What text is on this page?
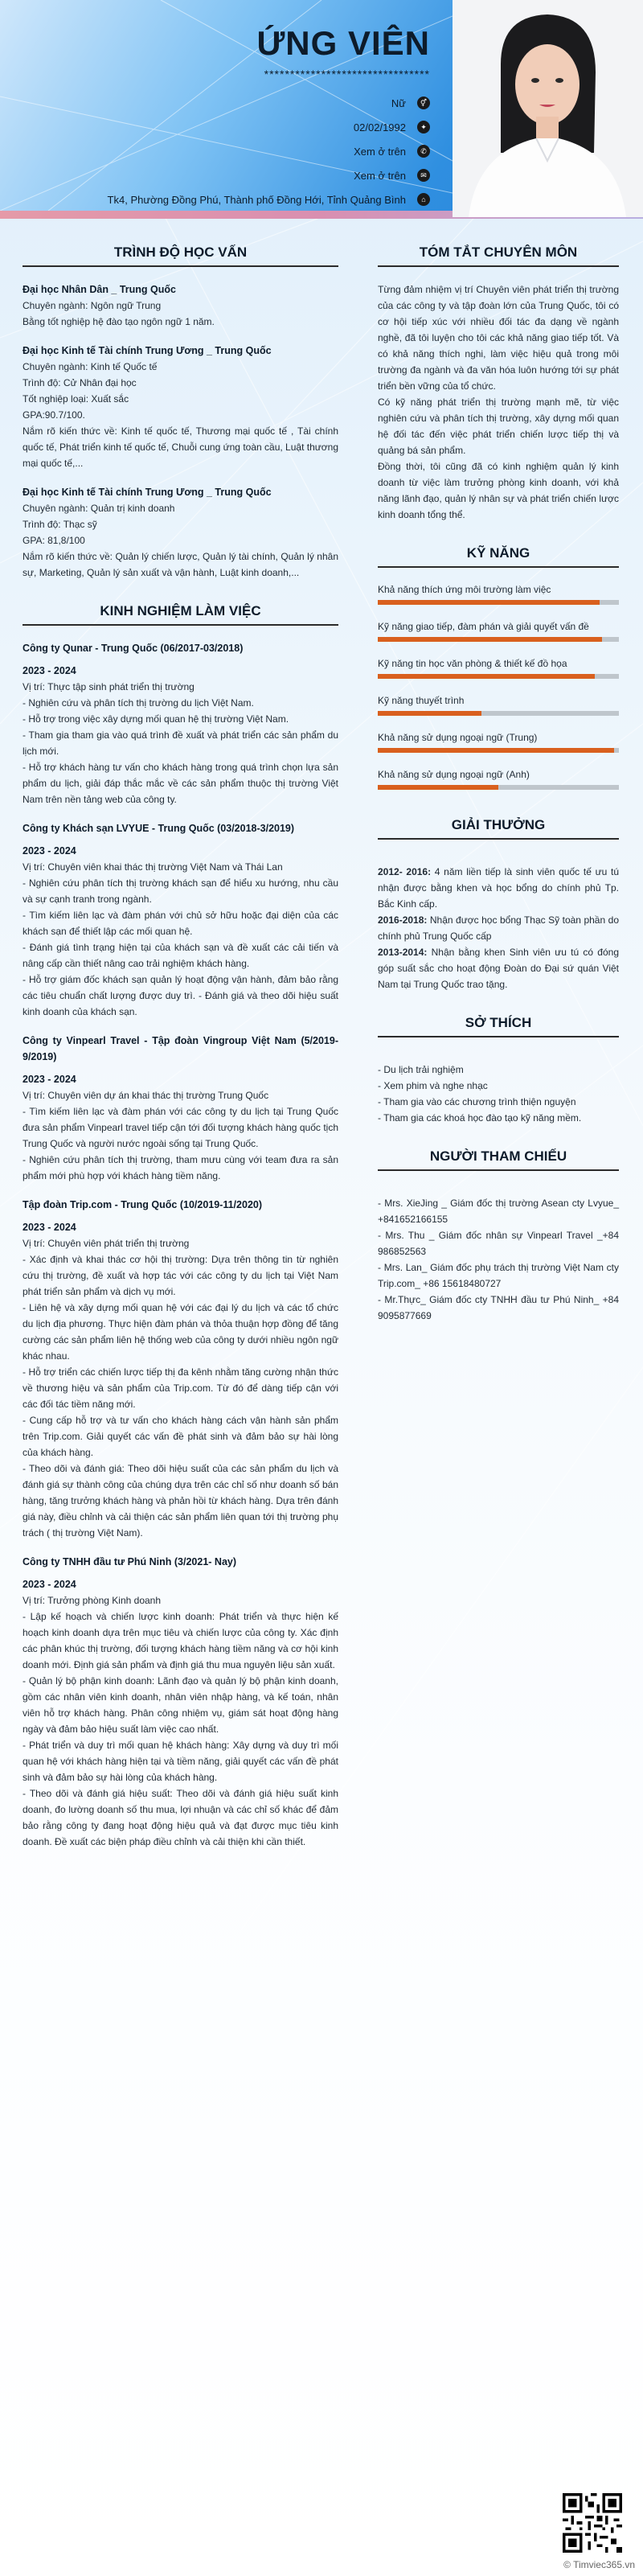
ỨNG VIÊN
********************************
Nữ	⚥
02/02/1992	✦
Xem ở trên	✆
Xem ở trên	✉
Tk4, Phường Đồng Phú, Thành phố Đồng Hới, Tỉnh Quảng Bình	⌂
TRÌNH ĐỘ HỌC VẤN
Đại học Nhân Dân _ Trung Quốc
Chuyên ngành: Ngôn ngữ Trung
Bằng tốt nghiệp hệ đào tạo ngôn ngữ 1 năm.
Đại học Kinh tế Tài chính Trung Ương _ Trung Quốc
Chuyên ngành: Kinh tế Quốc tế
Trình độ: Cử Nhân đại học
Tốt nghiệp loại: Xuất sắc
GPA:90.7/100.
Nắm rõ kiến thức về: Kinh tế quốc tế, Thương mại quốc tế , Tài chính quốc tế, Phát triển kinh tế quốc tế, Chuỗi cung ứng toàn cầu, Luật thương mại quốc tế,...
Đại học Kinh tế Tài chính Trung Ương _ Trung Quốc
Chuyên ngành: Quản trị kinh doanh
Trình độ: Thạc sỹ
GPA: 81,8/100
Nắm rõ kiến thức về: Quản lý chiến lược, Quản lý tài chính, Quản lý nhân sự, Marketing, Quản lý sản xuất và vận hành, Luật kinh doanh,...
KINH NGHIỆM LÀM VIỆC
Công ty Qunar - Trung Quốc (06/2017-03/2018)
2023 - 2024
Vị trí: Thực tập sinh phát triển thị trường
- Nghiên cứu và phân tích thị trường du lịch Việt Nam.
- Hỗ trợ trong việc xây dựng mối quan hệ thị trường Việt Nam.
- Tham gia tham gia vào quá trình đề xuất và phát triển các sản phẩm du lịch mới.
- Hỗ trợ khách hàng tư vấn cho khách hàng trong quá trình chọn lựa sản phẩm du lịch, giải đáp thắc mắc về các sản phẩm thuộc thị trường Việt Nam trên nền tảng web của công ty.
Công ty Khách sạn LVYUE - Trung Quốc (03/2018-3/2019)
2023 - 2024
Vị trí: Chuyên viên khai thác thị trường Việt Nam và Thái Lan
- Nghiên cứu phân tích thị trường khách sạn để hiểu xu hướng, nhu cầu và sự cạnh tranh trong ngành.
- Tìm kiếm liên lạc và đàm phán với chủ sở hữu hoặc đại diện của các khách sạn để thiết lập các mối quan hệ.
- Đánh giá tình trạng hiện tại của khách sạn và đề xuất các cải tiến và nâng cấp cần thiết nâng cao trải nghiệm khách hàng.
- Hỗ trợ giám đốc khách sạn quản lý hoạt động vận hành, đảm bảo rằng các tiêu chuẩn chất lượng được duy trì. - Đánh giá và theo dõi hiệu suất kinh doanh của khách sạn.
Công ty Vinpearl Travel - Tập đoàn Vingroup Việt Nam (5/2019-9/2019)
2023 - 2024
Vị trí: Chuyên viên dự án khai thác thị trường Trung Quốc
- Tìm kiếm liên lạc và đàm phán với các công ty du lịch tại Trung Quốc đưa sản phẩm Vinpearl travel tiếp cận tới đối tượng khách hàng quốc tịch Trung Quốc và người nước ngoài sống tại Trung Quốc.
- Nghiên cứu phân tích thị trường, tham mưu cùng với team đưa ra sản phẩm mới phù hợp với khách hàng tiềm năng.
Tập đoàn Trip.com - Trung Quốc (10/2019-11/2020)
2023 - 2024
Vị trí: Chuyên viên phát triển thị trường
- Xác định và khai thác cơ hội thị trường: Dựa trên thông tin từ nghiên cứu thị trường, đề xuất và hợp tác với các công ty du lịch tại Việt Nam phát triển sản phẩm và dịch vụ mới.
- Liên hệ và xây dựng mối quan hệ với các đại lý du lịch và các tổ chức du lịch địa phương. Thực hiện đàm phán và thỏa thuận hợp đồng để tăng cường các sản phẩm liên hệ thống web của công ty dưới nhiều ngôn ngữ khác nhau.
- Hỗ trợ triển các chiến lược tiếp thị đa kênh nhằm tăng cường nhận thức về thương hiệu và sản phẩm của Trip.com. Từ đó để dàng tiếp cận với các đối tác tiềm năng mới.
- Cung cấp hỗ trợ và tư vấn cho khách hàng cách vận hành sản phẩm trên Trip.com. Giải quyết các vấn đề phát sinh và đảm bảo sự hài lòng của khách hàng.
- Theo dõi và đánh giá: Theo dõi hiệu suất của các sản phẩm du lịch và đánh giá sự thành công của chúng dựa trên các chỉ số như doanh số bán hàng, tăng trưởng khách hàng và phản hồi từ khách hàng. Dựa trên đánh giá này, điều chỉnh và cải thiện các sản phẩm liên quan tới thị trường phụ trách ( thị trường Việt Nam).
Công ty TNHH đầu tư Phú Ninh (3/2021- Nay)
2023 - 2024
Vị trí: Trưởng phòng Kinh doanh
- Lập kế hoạch và chiến lược kinh doanh: Phát triển và thực hiện kế hoạch kinh doanh dựa trên mục tiêu và chiến lược của công ty. Xác định các phân khúc thị trường, đối tượng khách hàng tiềm năng và cơ hội kinh doanh mới. Định giá sản phẩm và định giá thu mua nguyên liệu sản xuất.
- Quản lý bộ phận kinh doanh: Lãnh đạo và quản lý bộ phận kinh doanh, gồm các nhân viên kinh doanh, nhân viên nhập hàng, và kế toán, nhân viên hỗ trợ khách hàng. Phân công nhiệm vụ, giám sát hoạt động hàng ngày và đảm bảo hiệu suất làm việc cao nhất.
- Phát triển và duy trì mối quan hệ khách hàng: Xây dựng và duy trì mối quan hệ với khách hàng hiện tại và tiềm năng, giải quyết các vấn đề phát sinh và đảm bảo sự hài lòng của khách hàng.
- Theo dõi và đánh giá hiệu suất: Theo dõi và đánh giá hiệu suất kinh doanh, đo lường doanh số thu mua, lợi nhuận và các chỉ số khác để đảm bảo rằng công ty đang hoạt động hiệu quả và đạt được mục tiêu kinh doanh. Đề xuất các biện pháp điều chỉnh và cải thiện khi cần thiết.
TÓM TẮT CHUYÊN MÔN
Từng đảm nhiệm vị trí Chuyên viên phát triển thị trường của các công ty và tập đoàn lớn của Trung Quốc, tôi có cơ hội tiếp xúc với nhiều đối tác đa dạng về ngành nghề, đã tôi luyện cho tôi các khả năng giao tiếp tốt. Và có khả năng thích nghi, làm việc hiệu quả trong môi trường đa ngành và đa văn hóa luôn hướng tới sự phát triển bền vững của tổ chức.
Có kỹ năng phát triển thị trường mạnh mẽ, từ việc nghiên cứu và phân tích thị trường, xây dựng mối quan hệ đối tác đến việc phát triển chiến lược tiếp thị và quảng bá sản phẩm.
Đồng thời, tôi cũng đã có kinh nghiệm quản lý kinh doanh từ việc làm trưởng phòng kinh doanh, với khả năng lãnh đạo, quản lý nhân sự và phát triển chiến lược kinh doanh tổng thể.
KỸ NĂNG
Khả năng thích ứng môi trường làm việc
Kỹ năng giao tiếp, đàm phán và giải quyết vấn đề
Kỹ năng tin học văn phòng & thiết kế đồ họa
Kỹ năng thuyết trình
Khả năng sử dụng ngoại ngữ (Trung)
Khả năng sử dụng ngoại ngữ (Anh)
GIẢI THƯỞNG
2012- 2016: 4 năm liền tiếp là sinh viên quốc tế ưu tú nhận được bằng khen và học bổng do chính phủ Tp. Bắc Kinh cấp.
2016-2018: Nhận được học bổng Thạc Sỹ toàn phần do chính phủ Trung Quốc cấp
2013-2014: Nhận bằng khen Sinh viên ưu tú có đóng góp suất sắc cho hoạt động Đoàn do Đại sứ quán Việt Nam tại Trung Quốc trao tặng.
SỞ THÍCH
- Du lịch trải nghiệm
- Xem phim và nghe nhạc
- Tham gia vào các chương trình thiện nguyện
- Tham gia các khoá học đào tạo kỹ năng mềm.
NGƯỜI THAM CHIẾU
- Mrs. XieJing _ Giám đốc thị trường Asean cty Lvyue_ +841652166155
- Mrs. Thu _ Giám đốc nhân sự Vinpearl Travel _+84 986852563
- Mrs. Lan_ Giám đốc phụ trách thị trường Việt Nam cty Trip.com_ +86 15618480727
- Mr.Thực_ Giám đốc cty TNHH đầu tư Phú Ninh_ +84 9095877669
© Timviec365.vn
